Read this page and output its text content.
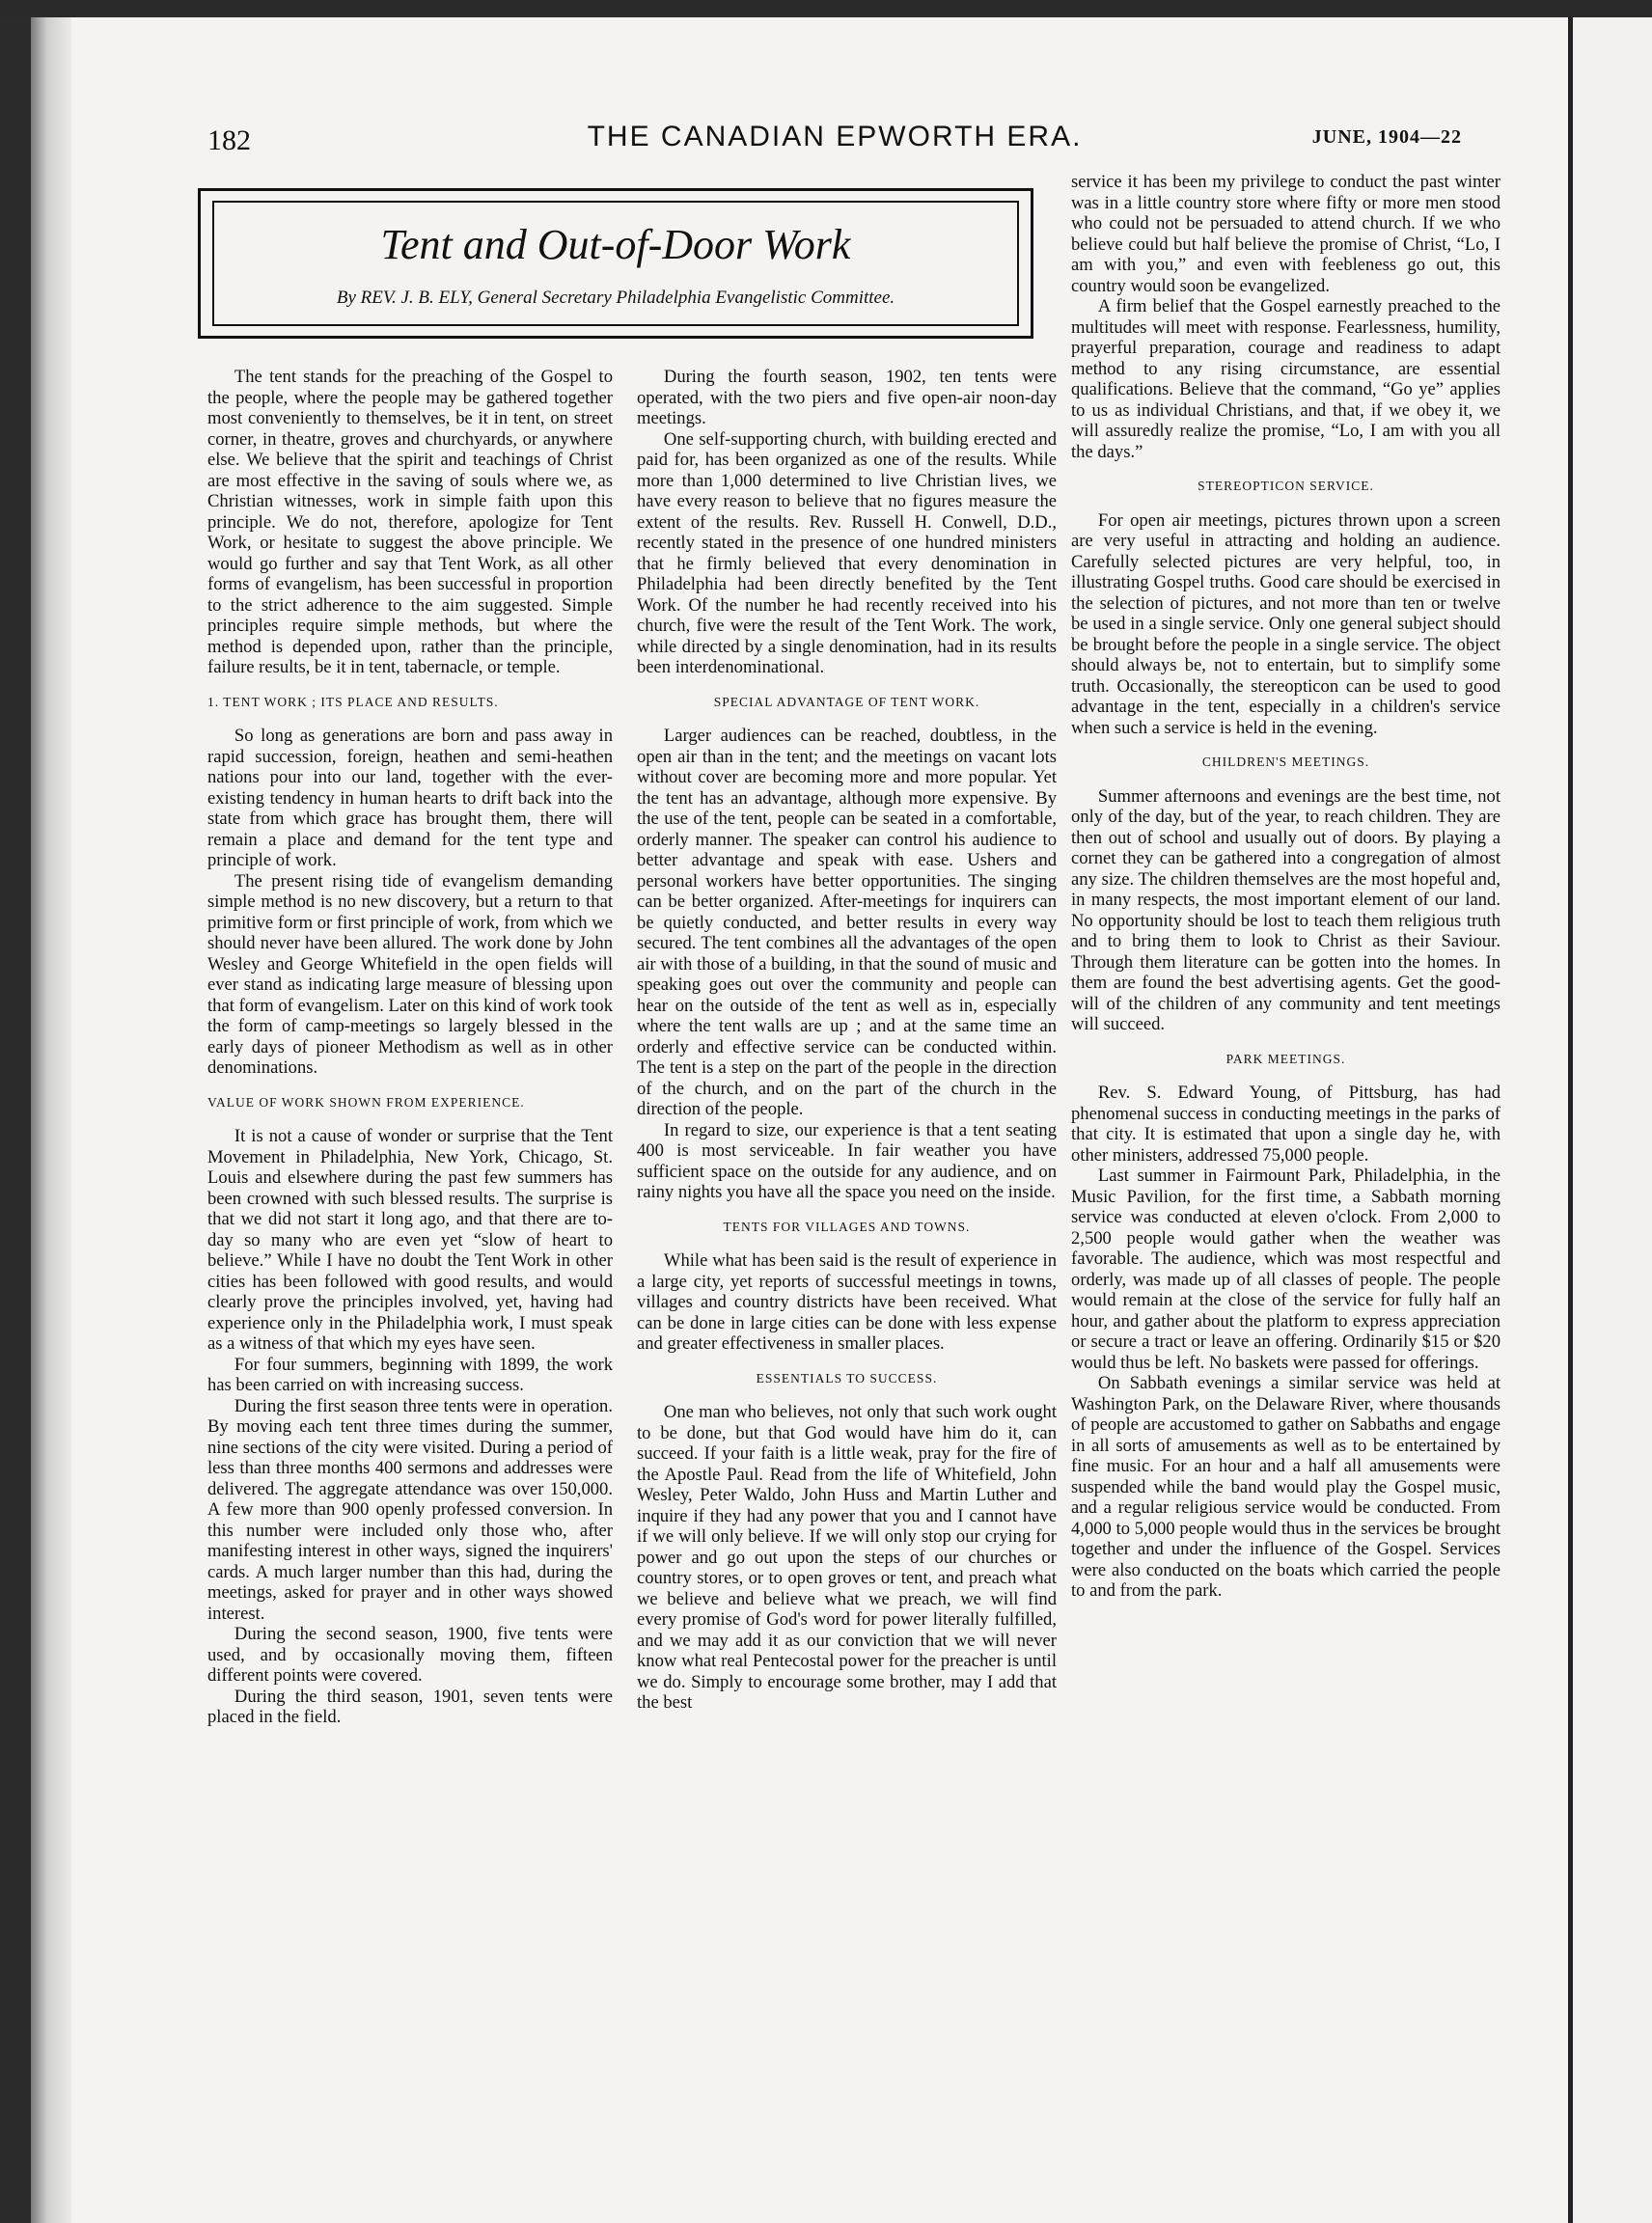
THE CANADIAN EPWORTH ERA.
182	JUNE, 1904—22
Tent and Out-of-Door Work
By REV. J. B. ELY, General Secretary Philadelphia Evangelistic Committee.

The tent stands for the preaching of the Gospel to the people, where the people may be gathered together most conveniently to themselves, be it in tent, on street corner, in theatre, groves and churchyards, or anywhere else. We believe that the spirit and teachings of Christ are most effective in the saving of souls where we, as Christian witnesses, work in simple faith upon this principle. We do not, therefore, apologize for Tent Work, or hesitate to suggest the above principle. We would go further and say that Tent Work, as all other forms of evangelism, has been successful in proportion to the strict adherence to the aim suggested. Simple principles require simple methods, but where the method is depended upon, rather than the principle, failure results, be it in tent, tabernacle, or temple.

1. TENT WORK ; ITS PLACE AND RESULTS.

So long as generations are born and pass away in rapid succession, foreign, heathen and semi-heathen nations pour into our land, together with the ever-existing tendency in human hearts to drift back into the state from which grace has brought them, there will remain a place and demand for the tent type and principle of work.

The present rising tide of evangelism demanding simple method is no new discovery, but a return to that primitive form or first principle of work, from which we should never have been allured. The work done by John Wesley and George Whitefield in the open fields will ever stand as indicating large measure of blessing upon that form of evangelism. Later on this kind of work took the form of camp-meetings so largely blessed in the early days of pioneer Methodism as well as in other denominations.

VALUE OF WORK SHOWN FROM EXPERIENCE.

It is not a cause of wonder or surprise that the Tent Movement in Philadelphia, New York, Chicago, St. Louis and elsewhere during the past few summers has been crowned with such blessed results. The surprise is that we did not start it long ago, and that there are to-day so many who are even yet “slow of heart to believe.” While I have no doubt the Tent Work in other cities has been followed with good results, and would clearly prove the principles involved, yet, having had experience only in the Philadelphia work, I must speak as a witness of that which my eyes have seen.

For four summers, beginning with 1899, the work has been carried on with increasing success.

During the first season three tents were in operation. By moving each tent three times during the summer, nine sections of the city were visited. During a period of less than three months 400 sermons and addresses were delivered. The aggregate attendance was over 150,000. A few more than 900 openly professed conversion. In this number were included only those who, after manifesting interest in other ways, signed the inquirers' cards. A much larger number than this had, during the meetings, asked for prayer and in other ways showed interest.

During the second season, 1900, five tents were used, and by occasionally moving them, fifteen different points were covered.

During the third season, 1901, seven tents were placed in the field.

During the fourth season, 1902, ten tents were operated, with the two piers and five open-air noon-day meetings.

One self-supporting church, with building erected and paid for, has been organized as one of the results. While more than 1,000 determined to live Christian lives, we have every reason to believe that no figures measure the extent of the results. Rev. Russell H. Conwell, D.D., recently stated in the presence of one hundred ministers that he firmly believed that every denomination in Philadelphia had been directly benefited by the Tent Work. Of the number he had recently received into his church, five were the result of the Tent Work. The work, while directed by a single denomination, had in its results been interdenominational.

SPECIAL ADVANTAGE OF TENT WORK.

Larger audiences can be reached, doubtless, in the open air than in the tent; and the meetings on vacant lots without cover are becoming more and more popular. Yet the tent has an advantage, although more expensive. By the use of the tent, people can be seated in a comfortable, orderly manner. The speaker can control his audience to better advantage and speak with ease. Ushers and personal workers have better opportunities. The singing can be better organized. After-meetings for inquirers can be quietly conducted, and better results in every way secured. The tent combines all the advantages of the open air with those of a building, in that the sound of music and speaking goes out over the community and people can hear on the outside of the tent as well as in, especially where the tent walls are up ; and at the same time an orderly and effective service can be conducted within. The tent is a step on the part of the people in the direction of the church, and on the part of the church in the direction of the people.

In regard to size, our experience is that a tent seating 400 is most serviceable. In fair weather you have sufficient space on the outside for any audience, and on rainy nights you have all the space you need on the inside.

TENTS FOR VILLAGES AND TOWNS.

While what has been said is the result of experience in a large city, yet reports of successful meetings in towns, villages and country districts have been received. What can be done in large cities can be done with less expense and greater effectiveness in smaller places.

ESSENTIALS TO SUCCESS.

One man who believes, not only that such work ought to be done, but that God would have him do it, can succeed. If your faith is a little weak, pray for the fire of the Apostle Paul. Read from the life of Whitefield, John Wesley, Peter Waldo, John Huss and Martin Luther and inquire if they had any power that you and I cannot have if we will only believe. If we will only stop our crying for power and go out upon the steps of our churches or country stores, or to open groves or tent, and preach what we believe and believe what we preach, we will find every promise of God's word for power literally fulfilled, and we may add it as our conviction that we will never know what real Pentecostal power for the preacher is until we do. Simply to encourage some brother, may I add that the best

service it has been my privilege to conduct the past winter was in a little country store where fifty or more men stood who could not be persuaded to attend church. If we who believe could but half believe the promise of Christ, “Lo, I am with you,” and even with feebleness go out, this country would soon be evangelized.

A firm belief that the Gospel earnestly preached to the multitudes will meet with response. Fearlessness, humility, prayerful preparation, courage and readiness to adapt method to any rising circumstance, are essential qualifications. Believe that the command, “Go ye” applies to us as individual Christians, and that, if we obey it, we will assuredly realize the promise, “Lo, I am with you all the days.”

STEREOPTICON SERVICE.

For open air meetings, pictures thrown upon a screen are very useful in attracting and holding an audience. Carefully selected pictures are very helpful, too, in illustrating Gospel truths. Good care should be exercised in the selection of pictures, and not more than ten or twelve be used in a single service. Only one general subject should be brought before the people in a single service. The object should always be, not to entertain, but to simplify some truth. Occasionally, the stereopticon can be used to good advantage in the tent, especially in a children's service when such a service is held in the evening.

CHILDREN'S MEETINGS.

Summer afternoons and evenings are the best time, not only of the day, but of the year, to reach children. They are then out of school and usually out of doors. By playing a cornet they can be gathered into a congregation of almost any size. The children themselves are the most hopeful and, in many respects, the most important element of our land. No opportunity should be lost to teach them religious truth and to bring them to look to Christ as their Saviour. Through them literature can be gotten into the homes. In them are found the best advertising agents. Get the good-will of the children of any community and tent meetings will succeed.

PARK MEETINGS.

Rev. S. Edward Young, of Pittsburg, has had phenomenal success in conducting meetings in the parks of that city. It is estimated that upon a single day he, with other ministers, addressed 75,000 people.

Last summer in Fairmount Park, Philadelphia, in the Music Pavilion, for the first time, a Sabbath morning service was conducted at eleven o'clock. From 2,000 to 2,500 people would gather when the weather was favorable. The audience, which was most respectful and orderly, was made up of all classes of people. The people would remain at the close of the service for fully half an hour, and gather about the platform to express appreciation or secure a tract or leave an offering. Ordinarily $15 or $20 would thus be left. No baskets were passed for offerings.

On Sabbath evenings a similar service was held at Washington Park, on the Delaware River, where thousands of people are accustomed to gather on Sabbaths and engage in all sorts of amusements as well as to be entertained by fine music. For an hour and a half all amusements were suspended while the band would play the Gospel music, and a regular religious service would be conducted. From 4,000 to 5,000 people would thus in the services be brought together and under the influence of the Gospel. Services were also conducted on the boats which carried the people to and from the park.
